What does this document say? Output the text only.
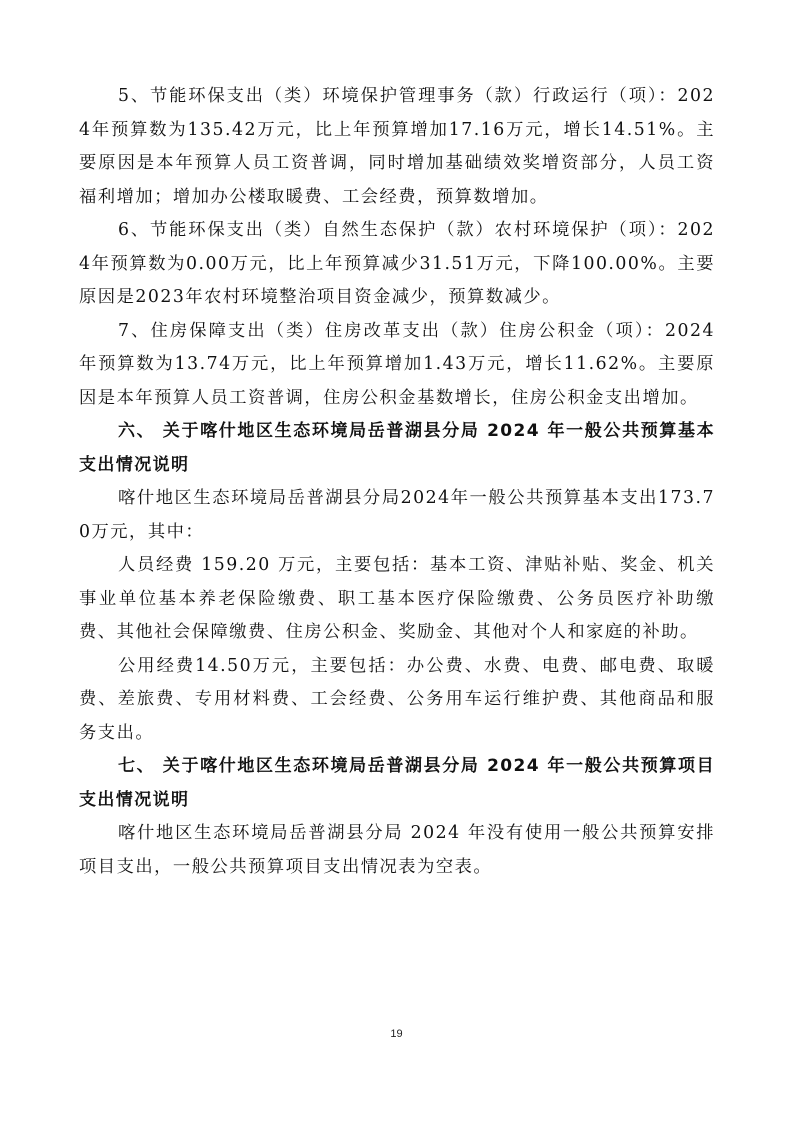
5、节能环保支出（类）环境保护管理事务（款）行政运行（项）：2024年预算数为135.42万元，比上年预算增加17.16万元，增长14.51%。主要原因是本年预算人员工资普调，同时增加基础绩效奖增资部分，人员工资福利增加；增加办公楼取暖费、工会经费，预算数增加。

6、节能环保支出（类）自然生态保护（款）农村环境保护（项）：2024年预算数为0.00万元，比上年预算减少31.51万元，下降100.00%。主要原因是2023年农村环境整治项目资金减少，预算数减少。

7、住房保障支出（类）住房改革支出（款）住房公积金（项）：2024年预算数为13.74万元，比上年预算增加1.43万元，增长11.62%。主要原因是本年预算人员工资普调，住房公积金基数增长，住房公积金支出增加。

六、 关于喀什地区生态环境局岳普湖县分局 2024 年一般公共预算基本支出情况说明

喀什地区生态环境局岳普湖县分局2024年一般公共预算基本支出173.70万元，其中：

人员经费 159.20 万元，主要包括：基本工资、津贴补贴、奖金、机关事业单位基本养老保险缴费、职工基本医疗保险缴费、公务员医疗补助缴费、其他社会保障缴费、住房公积金、奖励金、其他对个人和家庭的补助。

公用经费14.50万元，主要包括：办公费、水费、电费、邮电费、取暖费、差旅费、专用材料费、工会经费、公务用车运行维护费、其他商品和服务支出。

七、 关于喀什地区生态环境局岳普湖县分局 2024 年一般公共预算项目支出情况说明

喀什地区生态环境局岳普湖县分局 2024 年没有使用一般公共预算安排项目支出，一般公共预算项目支出情况表为空表。

19
